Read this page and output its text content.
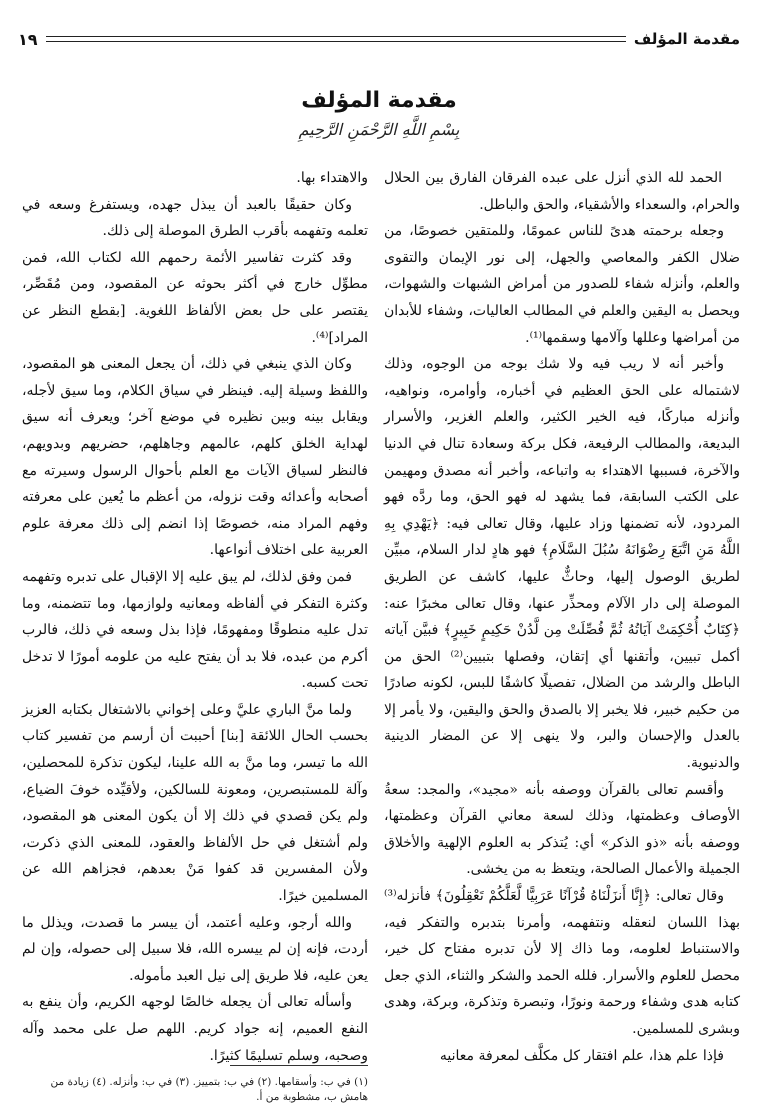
مقدمة المؤلف
١٩
مقدمة المؤلف
بِسْمِ اللَّهِ الرَّحْمَنِ الرَّحِيمِ

الحمد لله الذي أنزل على عبده الفرقان الفارق بين الحلال والحرام، والسعداء والأشقياء، والحق والباطل.

وجعله برحمته هدىً للناس عمومًا، وللمتقين خصوصًا، من ضلال الكفر والمعاصي والجهل، إلى نور الإيمان والتقوى والعلم، وأنزله شفاء للصدور من أمراض الشبهات والشهوات، ويحصل به اليقين والعلم في المطالب العاليات، وشفاء للأبدان من أمراضها وعللها وآلامها وسقمها⁽¹⁾.

وأخبر أنه لا ريب فيه ولا شك بوجه من الوجوه، وذلك لاشتماله على الحق العظيم في أخباره، وأوامره، ونواهيه، وأنزله مباركًا، فيه الخير الكثير، والعلم الغزير، والأسرار البديعة، والمطالب الرفيعة، فكل بركة وسعادة تنال في الدنيا والآخرة، فسببها الاهتداء به واتباعه، وأخبر أنه مصدق ومهيمن على الكتب السابقة، فما يشهد له فهو الحق، وما ردَّه فهو المردود، لأنه تضمنها وزاد عليها، وقال تعالى فيه: ﴿يَهْدِي بِهِ اللَّهُ مَنِ اتَّبَعَ رِضْوَانَهُ سُبُلَ السَّلَامِ﴾ فهو هادٍ لدار السلام، مبيِّن لطريق الوصول إليها، وحاثٌّ عليها، كاشف عن الطريق الموصلة إلى دار الآلام ومحذِّر عنها، وقال تعالى مخبرًا عنه: ﴿كِتَابٌ أُحْكِمَتْ آيَاتُهُ ثُمَّ فُصِّلَتْ مِن لَّدُنْ حَكِيمٍ خَبِيرٍ﴾ فبيَّن آياته أكمل تبيين، وأتقنها أي إتقان، وفصلها بتبيين⁽²⁾ الحق من الباطل والرشد من الضلال، تفصيلًا كاشفًا للبس، لكونه صادرًا من حكيم خبير، فلا يخبر إلا بالصدق والحق واليقين، ولا يأمر إلا بالعدل والإحسان والبر، ولا ينهى إلا عن المضار الدينية والدنيوية.

وأقسم تعالى بالقرآن ووصفه بأنه «مجيد»، والمجد: سعةُ الأوصاف وعظمتها، وذلك لسعة معاني القرآن وعظمتها، ووصفه بأنه «ذو الذكر» أي: يُتذكر به العلوم الإلهية والأخلاق الجميلة والأعمال الصالحة، ويتعظ به من يخشى.

وقال تعالى: ﴿إِنَّا أَنزَلْنَاهُ قُرْآنًا عَرَبِيًّا لَّعَلَّكُمْ تَعْقِلُونَ﴾ فأنزله⁽³⁾ بهذا اللسان لنعقله ونتفهمه، وأمرنا بتدبره والتفكر فيه، والاستنباط لعلومه، وما ذاك إلا لأن تدبره مفتاح كل خير، محصل للعلوم والأسرار. فلله الحمد والشكر والثناء، الذي جعل كتابه هدى وشفاء ورحمة ونورًا، وتبصرة وتذكرة، وبركة، وهدى وبشرى للمسلمين.

فإذا علم هذا، علم افتقار كل مكلَّف لمعرفة معانيه

والاهتداء بها.

وكان حقيقًا بالعبد أن يبذل جهده، ويستفرغ وسعه في تعلمه وتفهمه بأقرب الطرق الموصلة إلى ذلك.

وقد كثرت تفاسير الأئمة رحمهم الله لكتاب الله، فمن مطوِّل خارج في أكثر بحوثه عن المقصود، ومن مُقَصِّر، يقتصر على حل بعض الألفاظ اللغوية. [بقطع النظر عن المراد]⁽⁴⁾.

وكان الذي ينبغي في ذلك، أن يجعل المعنى هو المقصود، واللفظ وسيلة إليه. فينظر في سياق الكلام، وما سيق لأجله، ويقابل بينه وبين نظيره في موضع آخر؛ ويعرف أنه سيق لهداية الخلق كلهم، عالمهم وجاهلهم، حضريهم وبدويهم، فالنظر لسياق الآيات مع العلم بأحوال الرسول وسيرته مع أصحابه وأعدائه وقت نزوله، من أعظم ما يُعين على معرفته وفهم المراد منه، خصوصًا إذا انضم إلى ذلك معرفة علوم العربية على اختلاف أنواعها.

فمن وفق لذلك، لم يبق عليه إلا الإقبال على تدبره وتفهمه وكثرة التفكر في ألفاظه ومعانيه ولوازمها، وما تتضمنه، وما تدل عليه منطوقًا ومفهومًا، فإذا بذل وسعه في ذلك، فالرب أكرم من عبده، فلا بد أن يفتح عليه من علومه أمورًا لا تدخل تحت كسبه.

ولما منَّ الباري عليَّ وعلى إخواني بالاشتغال بكتابه العزيز بحسب الحال اللائقة [بنا] أحببت أن أرسم من تفسير كتاب الله ما تيسر، وما منَّ به الله علينا، ليكون تذكرة للمحصلين، وآلة للمستبصرين، ومعونة للسالكين، ولأقيِّده خوفَ الضياع، ولم يكن قصدي في ذلك إلا أن يكون المعنى هو المقصود، ولم أشتغل في حل الألفاظ والعقود، للمعنى الذي ذكرت، ولأن المفسرين قد كفوا مَنْ بعدهم، فجزاهم الله عن المسلمين خيرًا.

والله أرجو، وعليه أعتمد، أن ييسر ما قصدت، ويذلل ما أردت، فإنه إن لم ييسره الله، فلا سبيل إلى حصوله، وإن لم يعن عليه، فلا طريق إلى نيل العبد مأموله.

وأسأله تعالى أن يجعله خالصًا لوجهه الكريم، وأن ينفع به النفع العميم، إنه جواد كريم. اللهم صل على محمد وآله وصحبه، وسلم تسليمًا كثيرًا.

(١) في ب: وأسقامها. (٢) في ب: بتمييز. (٣) في ب: وأنزله. (٤) زيادة من هامش ب، مشطوبة من أ.
